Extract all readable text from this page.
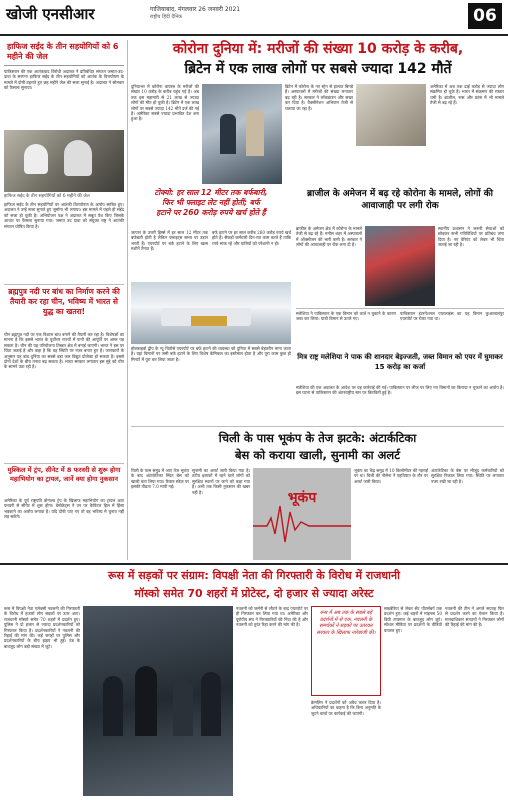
खोजी एनसीआर	गाजियाबाद, मंगलवार 26 जनवरी 2021
राष्ट्रीय हिंदी दैनिक	06
हाफिज सईद के तीन सहयोगियों को 6 महीने की जेल
पाकिस्तान की एक आतंकवाद विरोधी अदालत ने प्रतिबंधित संगठन जमात-उद-दावा के सरगना हाफिज सईद के तीन सहयोगियों को आतंक के वित्तपोषण के मामले में दोषी ठहराते हुए छह महीने जेल की सजा सुनाई है। अदालत ने सोमवार को फैसला सुनाया।
हाफिज सईद के तीन सहयोगियों को 6 महीने की जेल
हाफिज सईद के तीन सहयोगियों पर आतंकी वित्तपोषण के आरोप साबित हुए। अदालत ने उन्हें सजा सुनाते हुए जुर्माना भी लगाया। इस मामले में पहले ही सईद को सजा हो चुकी है। अभियोजन पक्ष ने अदालत में सबूत पेश किए जिसके आधार पर फैसला सुनाया गया। जमात उद दावा को संयुक्त राष्ट्र ने आतंकी संगठन घोषित किया है।
ब्रह्मपुत्र नदी पर बांध का निर्माण करने की तैयारी कर रहा चीन, भविष्य में भारत से युद्ध का खतरा!
चीन ब्रह्मपुत्र नदी पर एक विशाल बांध बनाने की तैयारी कर रहा है। विशेषज्ञों का मानना है कि इससे भारत के पूर्वोत्तर राज्यों में पानी की आपूर्ति पर असर पड़ सकता है। चीन की यह परियोजना तिब्बत क्षेत्र में बनाई जाएगी। भारत ने इस पर चिंता जताई है और कहा है कि वह स्थिति पर नजर बनाए हुए है। जानकारों के अनुसार यह बांध दुनिया का सबसे बड़ा जल विद्युत प्रोजेक्ट हो सकता है। इससे दोनों देशों के बीच तनाव बढ़ सकता है। भारत सरकार लगातार इस मुद्दे को चीन के सामने उठा रही है।
मुश्किल में ट्रंप, सीनेट में 8 फरवरी से शुरू होगा महाभियोग का ट्रायल, जानें क्या होगा नुकसान
अमेरिका के पूर्व राष्ट्रपति डोनाल्ड ट्रंप के खिलाफ महाभियोग का ट्रायल आठ फरवरी से सीनेट में शुरू होगा। डेमोक्रेट्स ने उन पर कैपिटल हिल में हिंसा भड़काने का आरोप लगाया है। यदि दोषी पाए गए तो वह भविष्य में चुनाव नहीं लड़ सकेंगे।
कोरोना दुनिया में: मरीजों की संख्या 10 करोड़ के करीब,
ब्रिटेन में एक लाख लोगों पर सबसे ज्यादा 142 मौतें
दुनियाभर में कोरोना वायरस के मरीजों की संख्या 10 करोड़ के करीब पहुंच गई है। अब तक इस महामारी से 21 लाख से ज्यादा लोगों की मौत हो चुकी है। ब्रिटेन में एक लाख लोगों पर सबसे ज्यादा 142 मौतें दर्ज की गई हैं। अमेरिका सबसे ज्यादा प्रभावित देश बना हुआ है।
ब्रिटेन में कोरोना के नए स्ट्रेन से हालात बिगड़े हैं। अस्पतालों में मरीजों की संख्या लगातार बढ़ रही है। सरकार ने लॉकडाउन और सख्त कर दिया है। वैक्सीनेशन अभियान तेजी से चलाया जा रहा है।
अमेरिका में अब तक ढाई करोड़ से ज्यादा लोग संक्रमित हो चुके हैं। भारत में संक्रमण की रफ्तार थमी है। ब्राजील, रूस और फ्रांस में भी मामले तेजी से बढ़ रहे हैं।
टोक्यो: हर साल 12 मीटर तक बर्फबारी,
फिर भी फ्लाइट लेट नहीं होतीं; बर्फ
हटाने पर 260 करोड़ रुपये खर्च होते हैं
जापान के उत्तरी हिस्से में हर साल 12 मीटर तक बर्फबारी होती है लेकिन फ्लाइट्स समय पर उड़ान भरती हैं। एयरपोर्ट पर बर्फ हटाने के लिए खास मशीनें तैनात हैं।
बर्फ हटाने पर हर साल करीब 260 करोड़ रुपये खर्च होते हैं। सैकड़ों कर्मचारी दिन-रात काम करते हैं ताकि रनवे साफ रहे और यात्रियों को परेशानी न हो।
होक्काइडो द्वीप के न्यू चितोसे एयरपोर्ट पर बर्फ हटाने की व्यवस्था को दुनिया में सबसे बेहतरीन माना जाता है। यहां विमानों पर जमी बर्फ हटाने के लिए विशेष केमिकल का इस्तेमाल होता है और पूरा काम कुछ ही मिनटों में पूरा कर लिया जाता है।
ब्राजील के अमेजन में बढ़ रहे कोरोना के मामले, लोगों की आवाजाही पर लगी रोक
ब्राजील के अमेजन क्षेत्र में कोरोना के मामले तेजी से बढ़ रहे हैं। मनौस शहर में अस्पतालों में ऑक्सीजन की भारी कमी है। सरकार ने लोगों की आवाजाही पर रोक लगा दी है।
स्थानीय प्रशासन ने जरूरी सेवाओं को छोड़कर सभी गतिविधियों पर प्रतिबंध लगा दिया है। नए वेरिएंट को लेकर भी चिंता जताई जा रही है।
मलेशिया ने पाकिस्तान के एक विमान को कर्ज न चुकाने के कारण जब्त कर लिया। यात्री विमान से उतारे गए।
पाकिस्तान इंटरनेशनल एयरलाइंस का यह विमान कुआलालंपुर एयरपोर्ट पर रोका गया था।
मित्र राष्ट्र मलेशिया ने पाक की शानदार बेइज्जती, जब्त विमान को एयर में घुमाकर 15 करोड़ का कर्जा
मलेशिया की एक अदालत के आदेश पर यह कार्रवाई की गई। पाकिस्तान पर लीज पर लिए गए विमानों का किराया न चुकाने का आरोप है। इस घटना से पाकिस्तान की अंतरराष्ट्रीय स्तर पर किरकिरी हुई है।
चिली के पास भूकंप के तेज झटके: अंटार्कटिका
बेस को कराया खाली, सुनामी का अलर्ट
चिली के पास समुद्र में आए तेज भूकंप के बाद अंटार्कटिका स्थित बेस को खाली करा लिया गया। रिक्टर स्केल पर इसकी तीव्रता 7.0 मापी गई।
सुनामी का अलर्ट जारी किया गया है। तटीय इलाकों में रहने वाले लोगों को सुरक्षित स्थानों पर जाने को कहा गया है। अभी तक किसी नुकसान की खबर नहीं है।	भूकंप
भूकंप का केंद्र समुद्र में 10 किलोमीटर की गहराई पर था। चिली की नौसेना ने एहतियात के तौर पर अलर्ट जारी किया।
अंटार्कटिका के बेस पर मौजूद कर्मचारियों को सुरक्षित निकाल लिया गया। स्थिति पर लगातार नजर रखी जा रही है।
रूस में सड़कों पर संग्राम: विपक्षी नेता की गिरफ्तारी के विरोध में राजधानी
मॉस्को समेत 70 शहरों में प्रोटेस्ट, दो हजार से ज्यादा अरेस्ट
रूस में विपक्षी नेता एलेक्सी नवलनी की गिरफ्तारी के विरोध में हजारों लोग सड़कों पर उतर आए। राजधानी मॉस्को समेत 70 शहरों में प्रदर्शन हुए। पुलिस ने दो हजार से ज्यादा प्रदर्शनकारियों को गिरफ्तार किया है। प्रदर्शनकारियों ने नवलनी की रिहाई की मांग की। कई जगहों पर पुलिस और प्रदर्शनकारियों के बीच झड़प भी हुई। ठंड के बावजूद लोग बड़ी संख्या में जुटे।
नवलनी को जर्मनी से लौटने के बाद एयरपोर्ट पर ही गिरफ्तार कर लिया गया था। अमेरिका और यूरोपीय संघ ने गिरफ्तारियों की निंदा की है और नवलनी को तुरंत रिहा करने की मांग की है।
रूस में अब तक के सबसे बड़े प्रदर्शनों में से एक, नवलनी के समर्थकों ने सड़कों पर उतरकर सरकार के खिलाफ नारेबाजी की।
क्रेमलिन ने प्रदर्शनों को अवैध करार दिया है। अधिकारियों का कहना है कि बिना अनुमति के जुटने वालों पर कार्रवाई की जाएगी।
साइबेरिया से लेकर सेंट पीटर्सबर्ग तक प्रदर्शन हुए। कई शहरों में माइनस 50 डिग्री तापमान के बावजूद लोग जुटे। सोशल मीडिया पर प्रदर्शनों के वीडियो वायरल हुए।
नवलनी की टीम ने अगले सप्ताह फिर से प्रदर्शन करने का ऐलान किया है। मानवाधिकार संगठनों ने गिरफ्तार लोगों की रिहाई की मांग की है।
